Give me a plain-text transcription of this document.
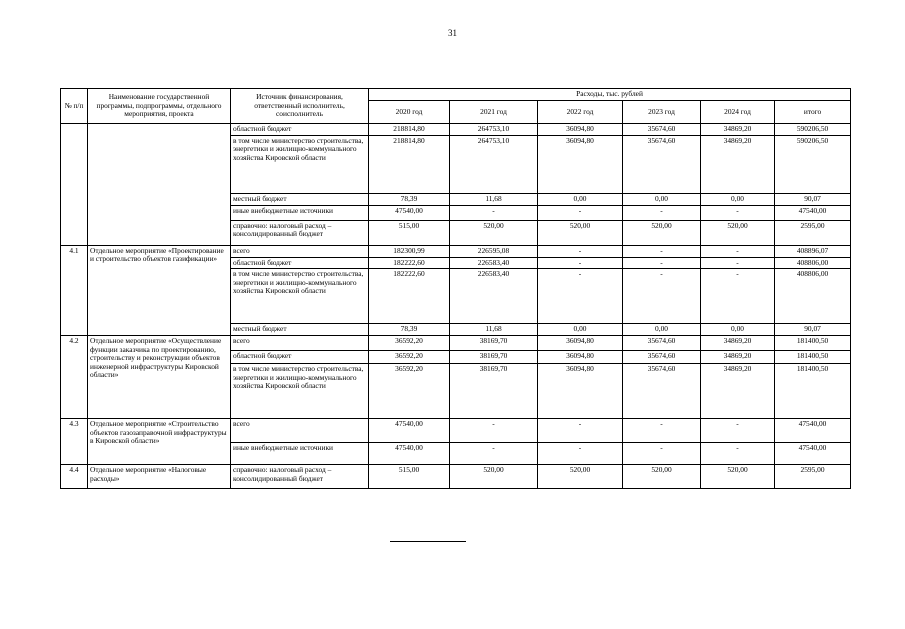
31
№ п/п	Наименование государственной программы, подпрограммы, отдельного мероприятия, проекта	Источник финансирования, ответственный исполнитель, соисполнитель	Расходы, тыс. рублей					
			2020 год	2021 год	2022 год	2023 год	2024 год	итого
		областной бюджет	218814,80	264753,10	36094,80	35674,60	34869,20	590206,50
		в том числе министерство строительства, энергетики и жилищно-коммунального хозяйства Кировской области	218814,80	264753,10	36094,80	35674,60	34869,20	590206,50
		местный бюджет	78,39	11,68	0,00	0,00	0,00	90,07
		иные внебюджетные источники	47540,00	-	-	-	-	47540,00
		справочно: налоговый расход – консолидированный бюджет	515,00	520,00	520,00	520,00	520,00	2595,00
4.1	Отдельное мероприятие «Проектирование и строительство объектов газификации»	всего	182300,99	226595,08	-	-	-	408896,07
		областной бюджет	182222,60	226583,40	-	-	-	408806,00
		в том числе министерство строительства, энергетики и жилищно-коммунального хозяйства Кировской области	182222,60	226583,40	-	-	-	408806,00
		местный бюджет	78,39	11,68	0,00	0,00	0,00	90,07
4.2	Отдельное мероприятие «Осуществление функции заказчика по проектированию, строительству и реконструкции объектов инженерной инфраструктуры Кировской области»	всего	36592,20	38169,70	36094,80	35674,60	34869,20	181400,50
		областной бюджет	36592,20	38169,70	36094,80	35674,60	34869,20	181400,50
		в том числе министерство строительства, энергетики и жилищно-коммунального хозяйства Кировской области	36592,20	38169,70	36094,80	35674,60	34869,20	181400,50
4.3	Отдельное мероприятие «Строительство объектов газозаправочной инфраструктуры в Кировской области»	всего	47540,00	-	-	-	-	47540,00
		иные внебюджетные источники	47540,00	-	-	-	-	47540,00
4.4	Отдельное мероприятие «Налоговые расходы»	справочно: налоговый расход – консолидированный бюджет	515,00	520,00	520,00	520,00	520,00	2595,00
